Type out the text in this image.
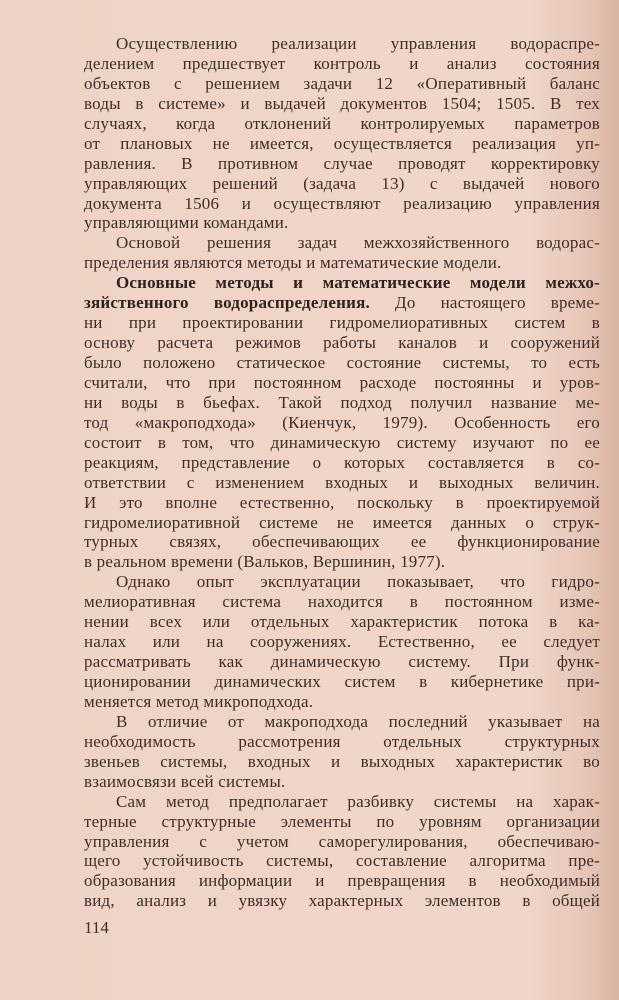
Осуществлению реализации управления водораспре-
делением предшествует контроль и анализ состояния
объектов с решением задачи 12 «Оперативный баланс
воды в системе» и выдачей документов 1504; 1505. В тех
случаях, когда отклонений контролируемых параметров
от плановых не имеется, осуществляется реализация уп-
равления. В противном случае проводят корректировку
управляющих решений (задача 13) с выдачей нового
документа 1506 и осуществляют реализацию управления
управляющими командами.
Основой решения задач межхозяйственного водорас-
пределения являются методы и математические модели.
Основные методы и математические модели межхо-
зяйственного водораспределения. До настоящего време-
ни при проектировании гидромелиоративных систем в
основу расчета режимов работы каналов и сооружений
было положено статическое состояние системы, то есть
считали, что при постоянном расходе постоянны и уров-
ни воды в бьефах. Такой подход получил название ме-
тод «макроподхода» (Киенчук, 1979). Особенность его
состоит в том, что динамическую систему изучают по ее
реакциям, представление о которых составляется в со-
ответствии с изменением входных и выходных величин.
И это вполне естественно, поскольку в проектируемой
гидромелиоративной системе не имеется данных о струк-
турных связях, обеспечивающих ее функционирование
в реальном времени (Вальков, Вершинин, 1977).
Однако опыт эксплуатации показывает, что гидро-
мелиоративная система находится в постоянном изме-
нении всех или отдельных характеристик потока в ка-
налах или на сооружениях. Естественно, ее следует
рассматривать как динамическую систему. При функ-
ционировании динамических систем в кибернетике при-
меняется метод микроподхода.
В отличие от макроподхода последний указывает на
необходимость рассмотрения отдельных структурных
звеньев системы, входных и выходных характеристик во
взаимосвязи всей системы.
Сам метод предполагает разбивку системы на харак-
терные структурные элементы по уровням организации
управления с учетом саморегулирования, обеспечиваю-
щего устойчивость системы, составление алгоритма пре-
образования информации и превращения в необходимый
вид, анализ и увязку характерных элементов в общей
114
